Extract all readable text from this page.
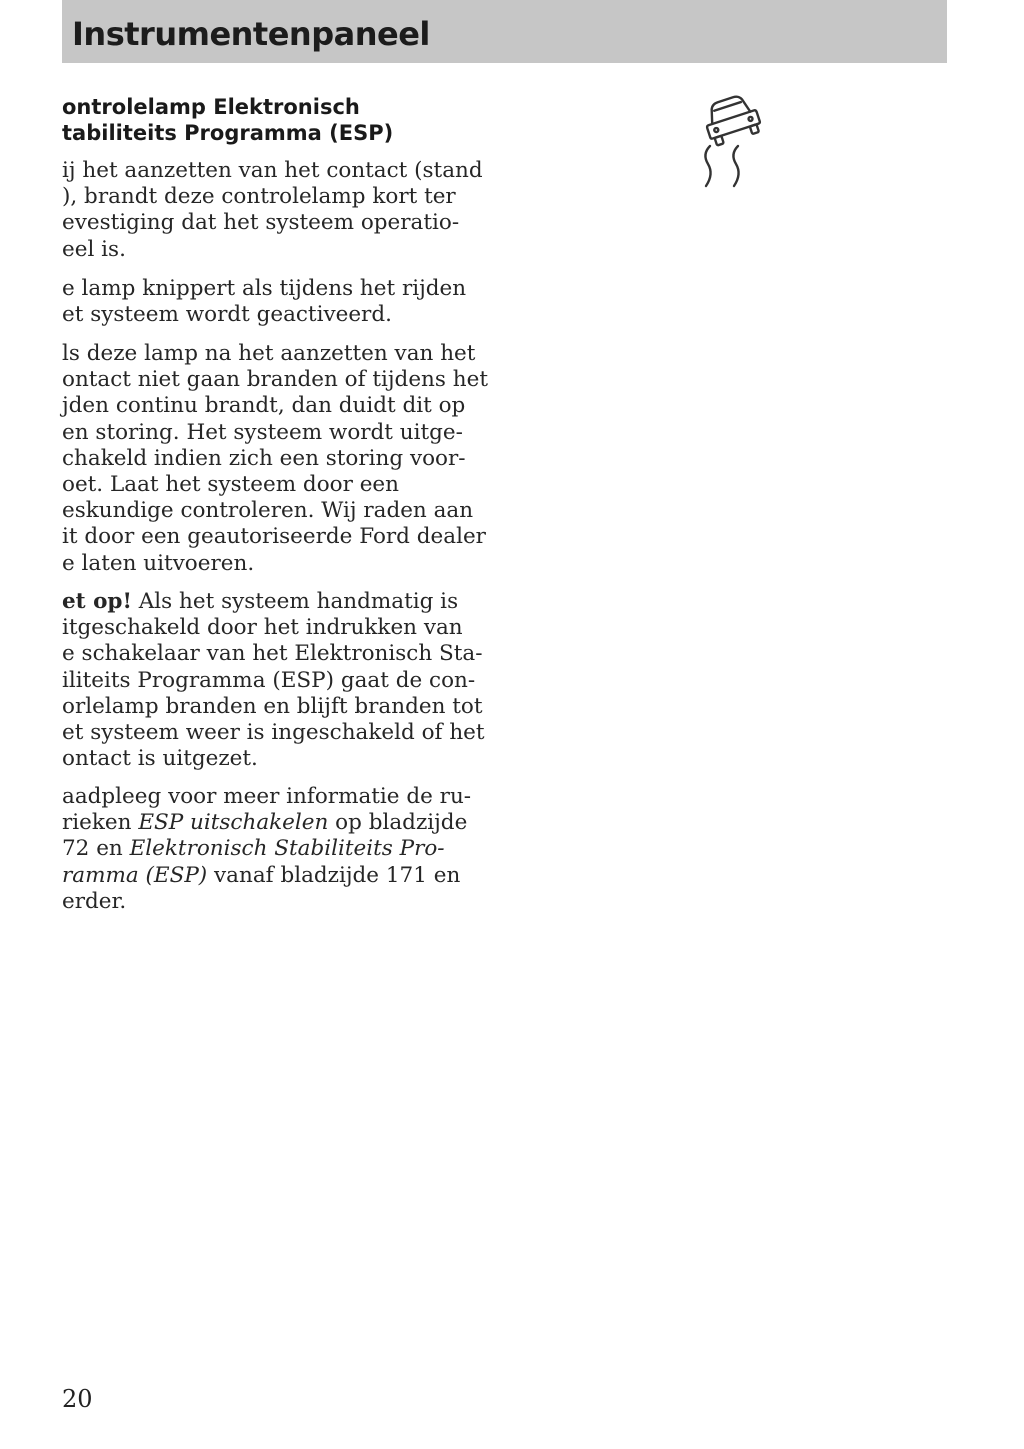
Instrumentenpaneel
ontrolelamp Elektronisch
tabiliteits Programma (ESP)
ij het aanzetten van het contact (stand
), brandt deze controlelamp kort ter
evestiging dat het systeem operatio-
eel is.
e lamp knippert als tijdens het rijden
et systeem wordt geactiveerd.
ls deze lamp na het aanzetten van het
ontact niet gaan branden of tijdens het
jden continu brandt, dan duidt dit op
en storing. Het systeem wordt uitge-
chakeld indien zich een storing voor-
oet. Laat het systeem door een
eskundige controleren. Wij raden aan
it door een geautoriseerde Ford dealer
e laten uitvoeren.
et op! Als het systeem handmatig is
itgeschakeld door het indrukken van
e schakelaar van het Elektronisch Sta-
iliteits Programma (ESP) gaat de con-
orlelamp branden en blijft branden tot
et systeem weer is ingeschakeld of het
ontact is uitgezet.
aadpleeg voor meer informatie de ru-
rieken ESP uitschakelen op bladzijde
72 en Elektronisch Stabiliteits Pro-
ramma (ESP) vanaf bladzijde 171 en
erder.
20
